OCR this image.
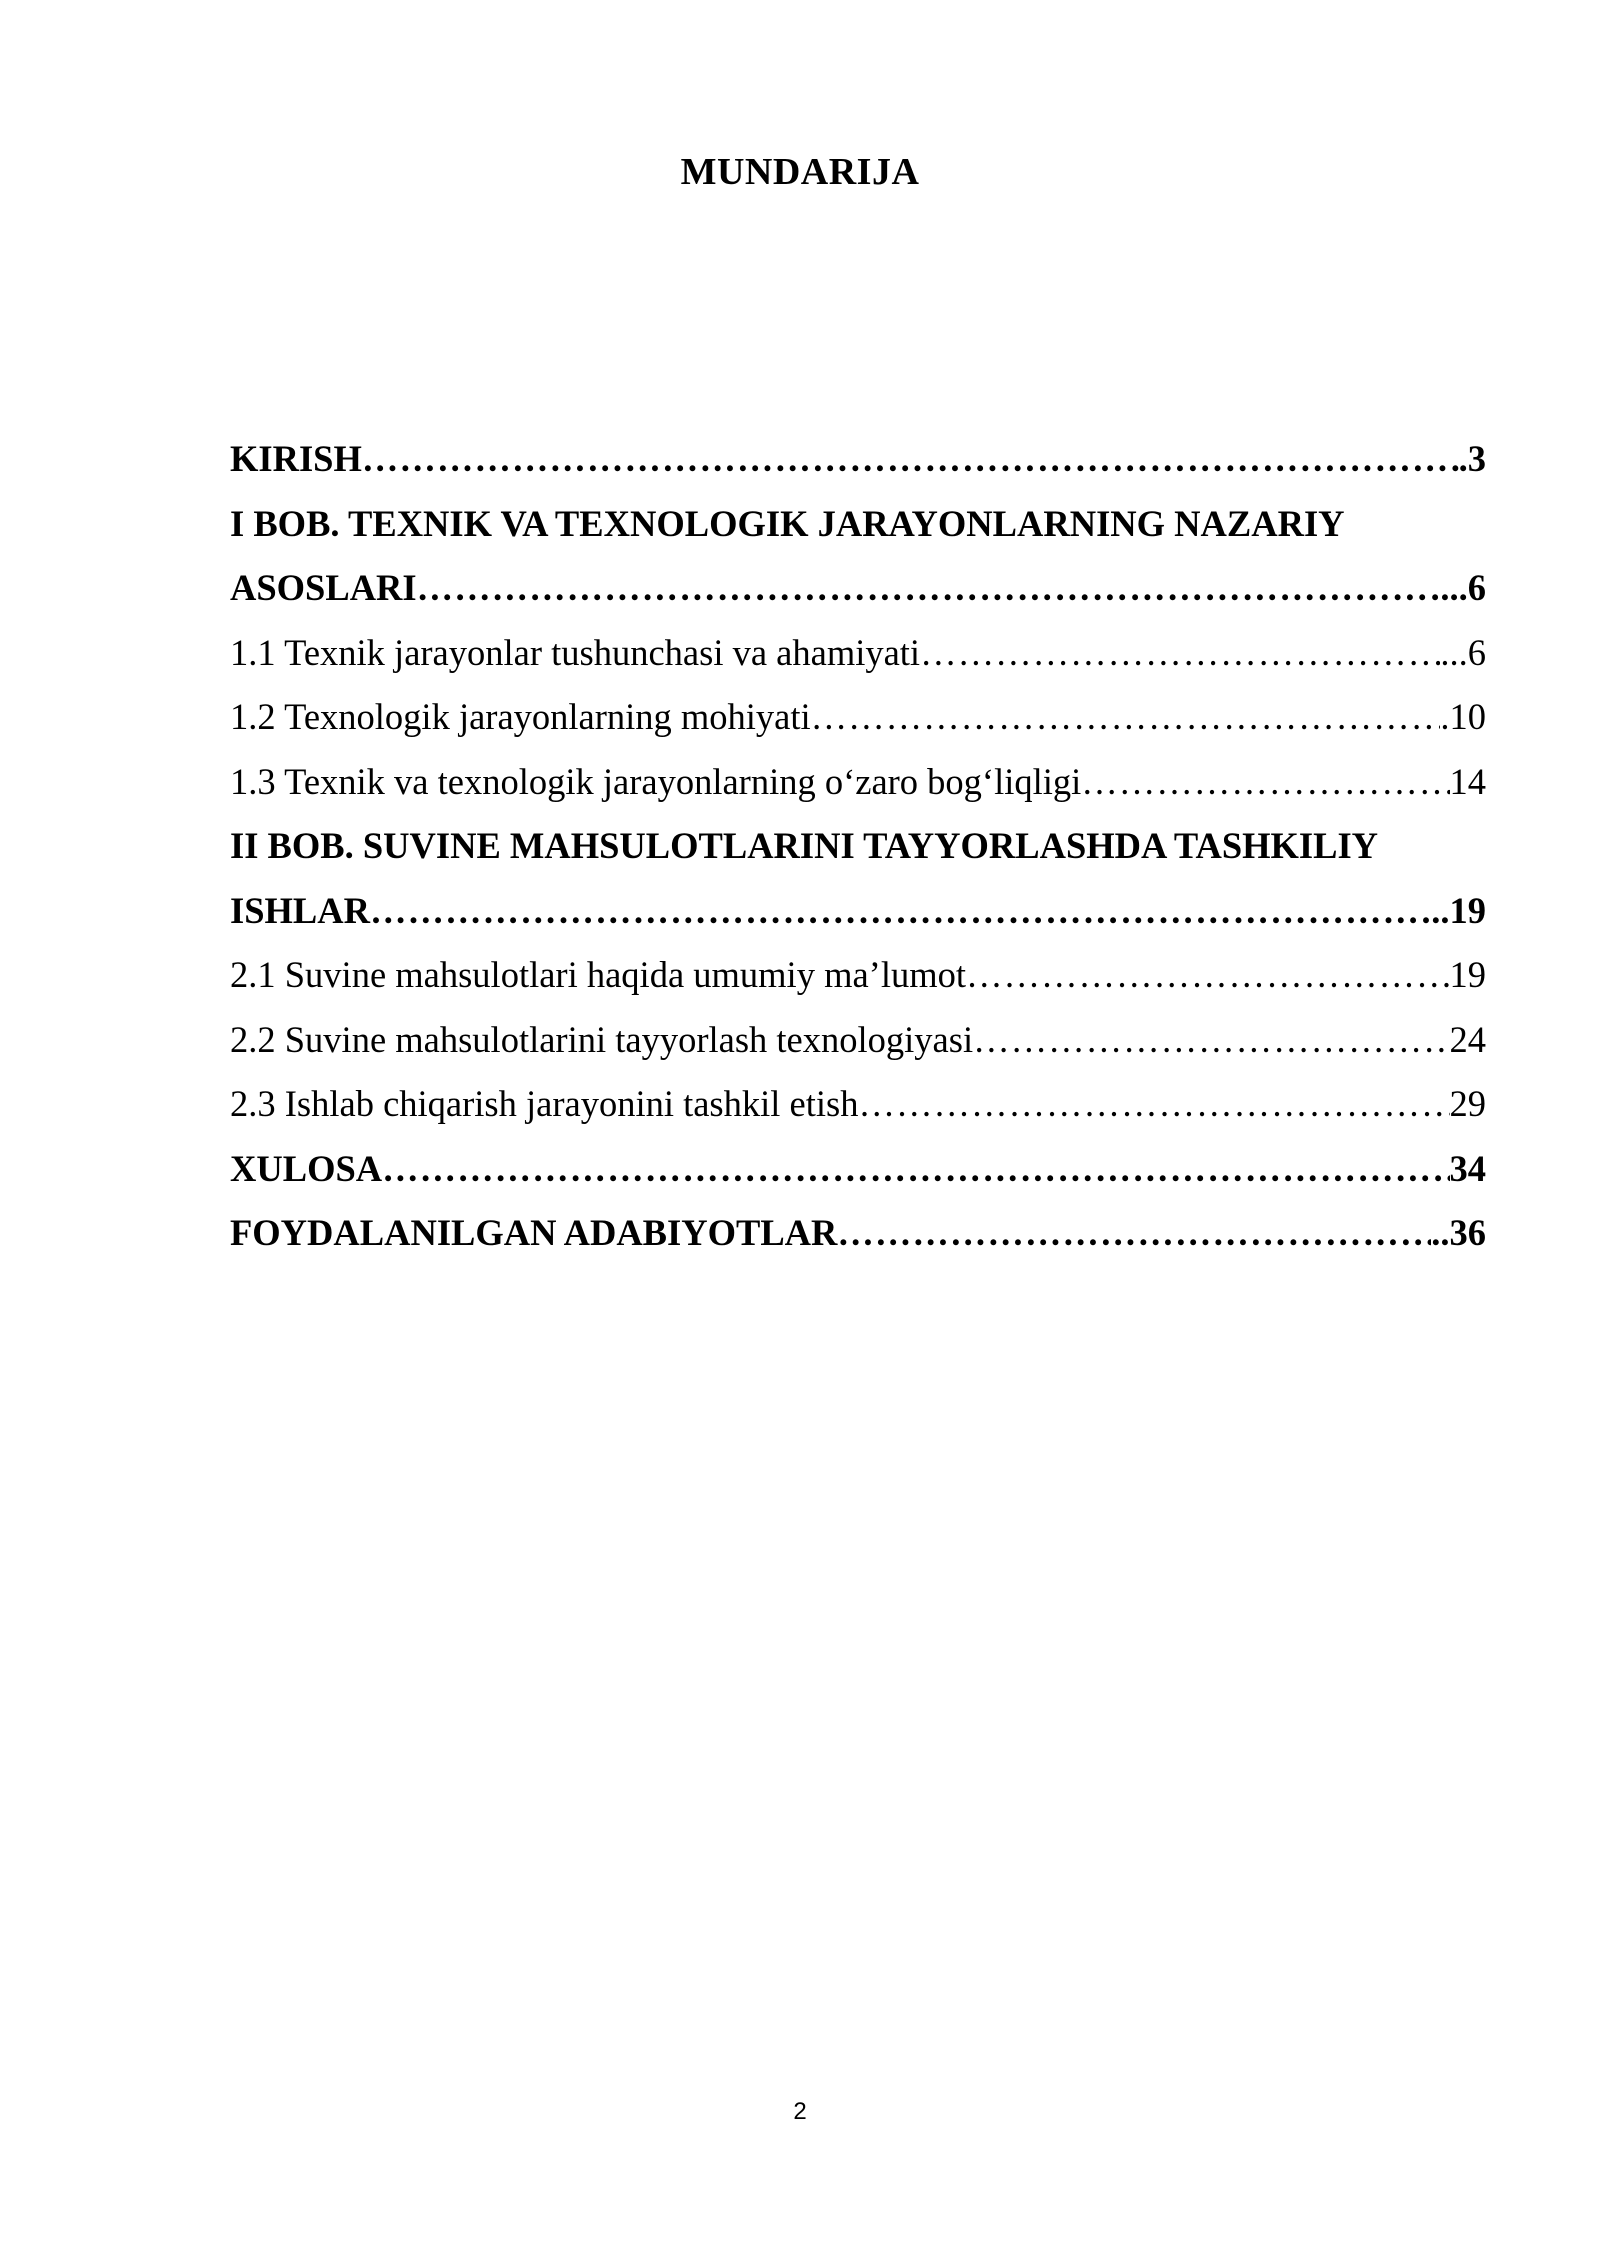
MUNDARIJA
KIRISH ………………………………………………………………………………………………………………………………………………………………………………………	.3
I BOB. TEXNIK VA TEXNOLOGIK JARAYONLARNING NAZARIY
ASOSLARI ………………………………………………………………………………………………………………………………………………………………………………………	...6
1.1 Texnik jarayonlar tushunchasi va ahamiyati ………………………………………………………………………………………………………………………………………………………………………………………	...6
1.2 Texnologik jarayonlarning mohiyati ………………………………………………………………………………………………………………………………………………………………………………………	.10
1.3 Texnik va texnologik jarayonlarning o‘zaro bog‘liqligi ………………………………………………………………………………………………………………………………………………………………………………………	14
II BOB. SUVINE MAHSULOTLARINI TAYYORLASHDA TASHKILIY
ISHLAR ………………………………………………………………………………………………………………………………………………………………………………………	..19
2.1 Suvine mahsulotlari haqida umumiy ma’lumot ………………………………………………………………………………………………………………………………………………………………………………………	19
2.2 Suvine mahsulotlarini tayyorlash texnologiyasi ………………………………………………………………………………………………………………………………………………………………………………………	24
2.3 Ishlab chiqarish jarayonini tashkil etish ………………………………………………………………………………………………………………………………………………………………………………………	29
XULOSA ………………………………………………………………………………………………………………………………………………………………………………………	34
FOYDALANILGAN ADABIYOTLAR ………………………………………………………………………………………………………………………………………………………………………………………	..36
2
